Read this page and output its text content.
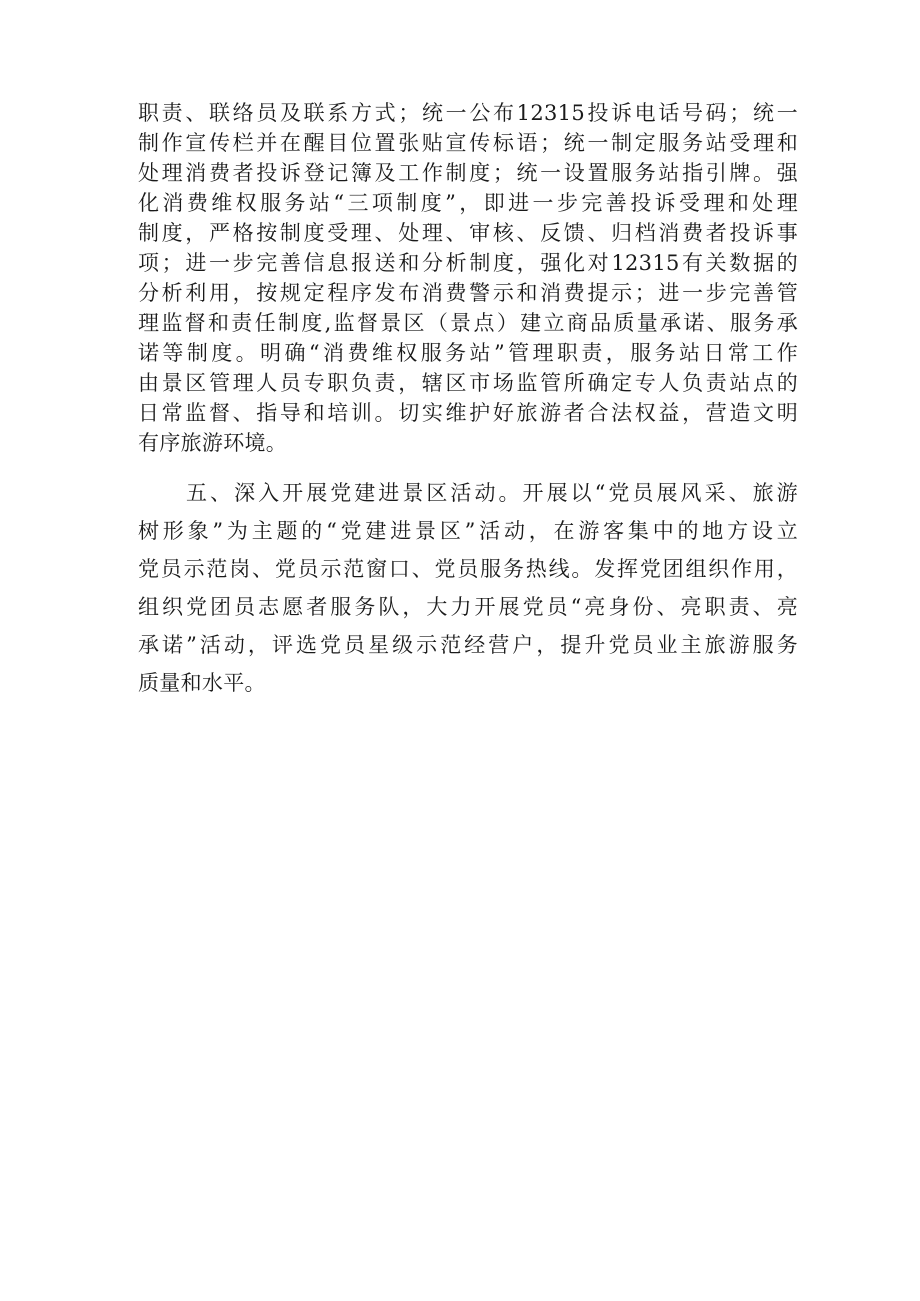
职责、联络员及联系方式；统一公布12315投诉电话号码；统一
制作宣传栏并在醒目位置张贴宣传标语；统一制定服务站受理和
处理消费者投诉登记簿及工作制度；统一设置服务站指引牌。强
化消费维权服务站“三项制度”，即进一步完善投诉受理和处理
制度，严格按制度受理、处理、审核、反馈、归档消费者投诉事
项；进一步完善信息报送和分析制度，强化对12315有关数据的
分析利用，按规定程序发布消费警示和消费提示；进一步完善管
理监督和责任制度,监督景区（景点）建立商品质量承诺、服务承
诺等制度。明确“消费维权服务站”管理职责，服务站日常工作
由景区管理人员专职负责，辖区市场监管所确定专人负责站点的
日常监督、指导和培训。切实维护好旅游者合法权益，营造文明
有序旅游环境。
五、深入开展党建进景区活动。开展以“党员展风采、旅游
树形象”为主题的“党建进景区”活动，在游客集中的地方设立
党员示范岗、党员示范窗口、党员服务热线。发挥党团组织作用，
组织党团员志愿者服务队，大力开展党员“亮身份、亮职责、亮
承诺”活动，评选党员星级示范经营户，提升党员业主旅游服务
质量和水平。
